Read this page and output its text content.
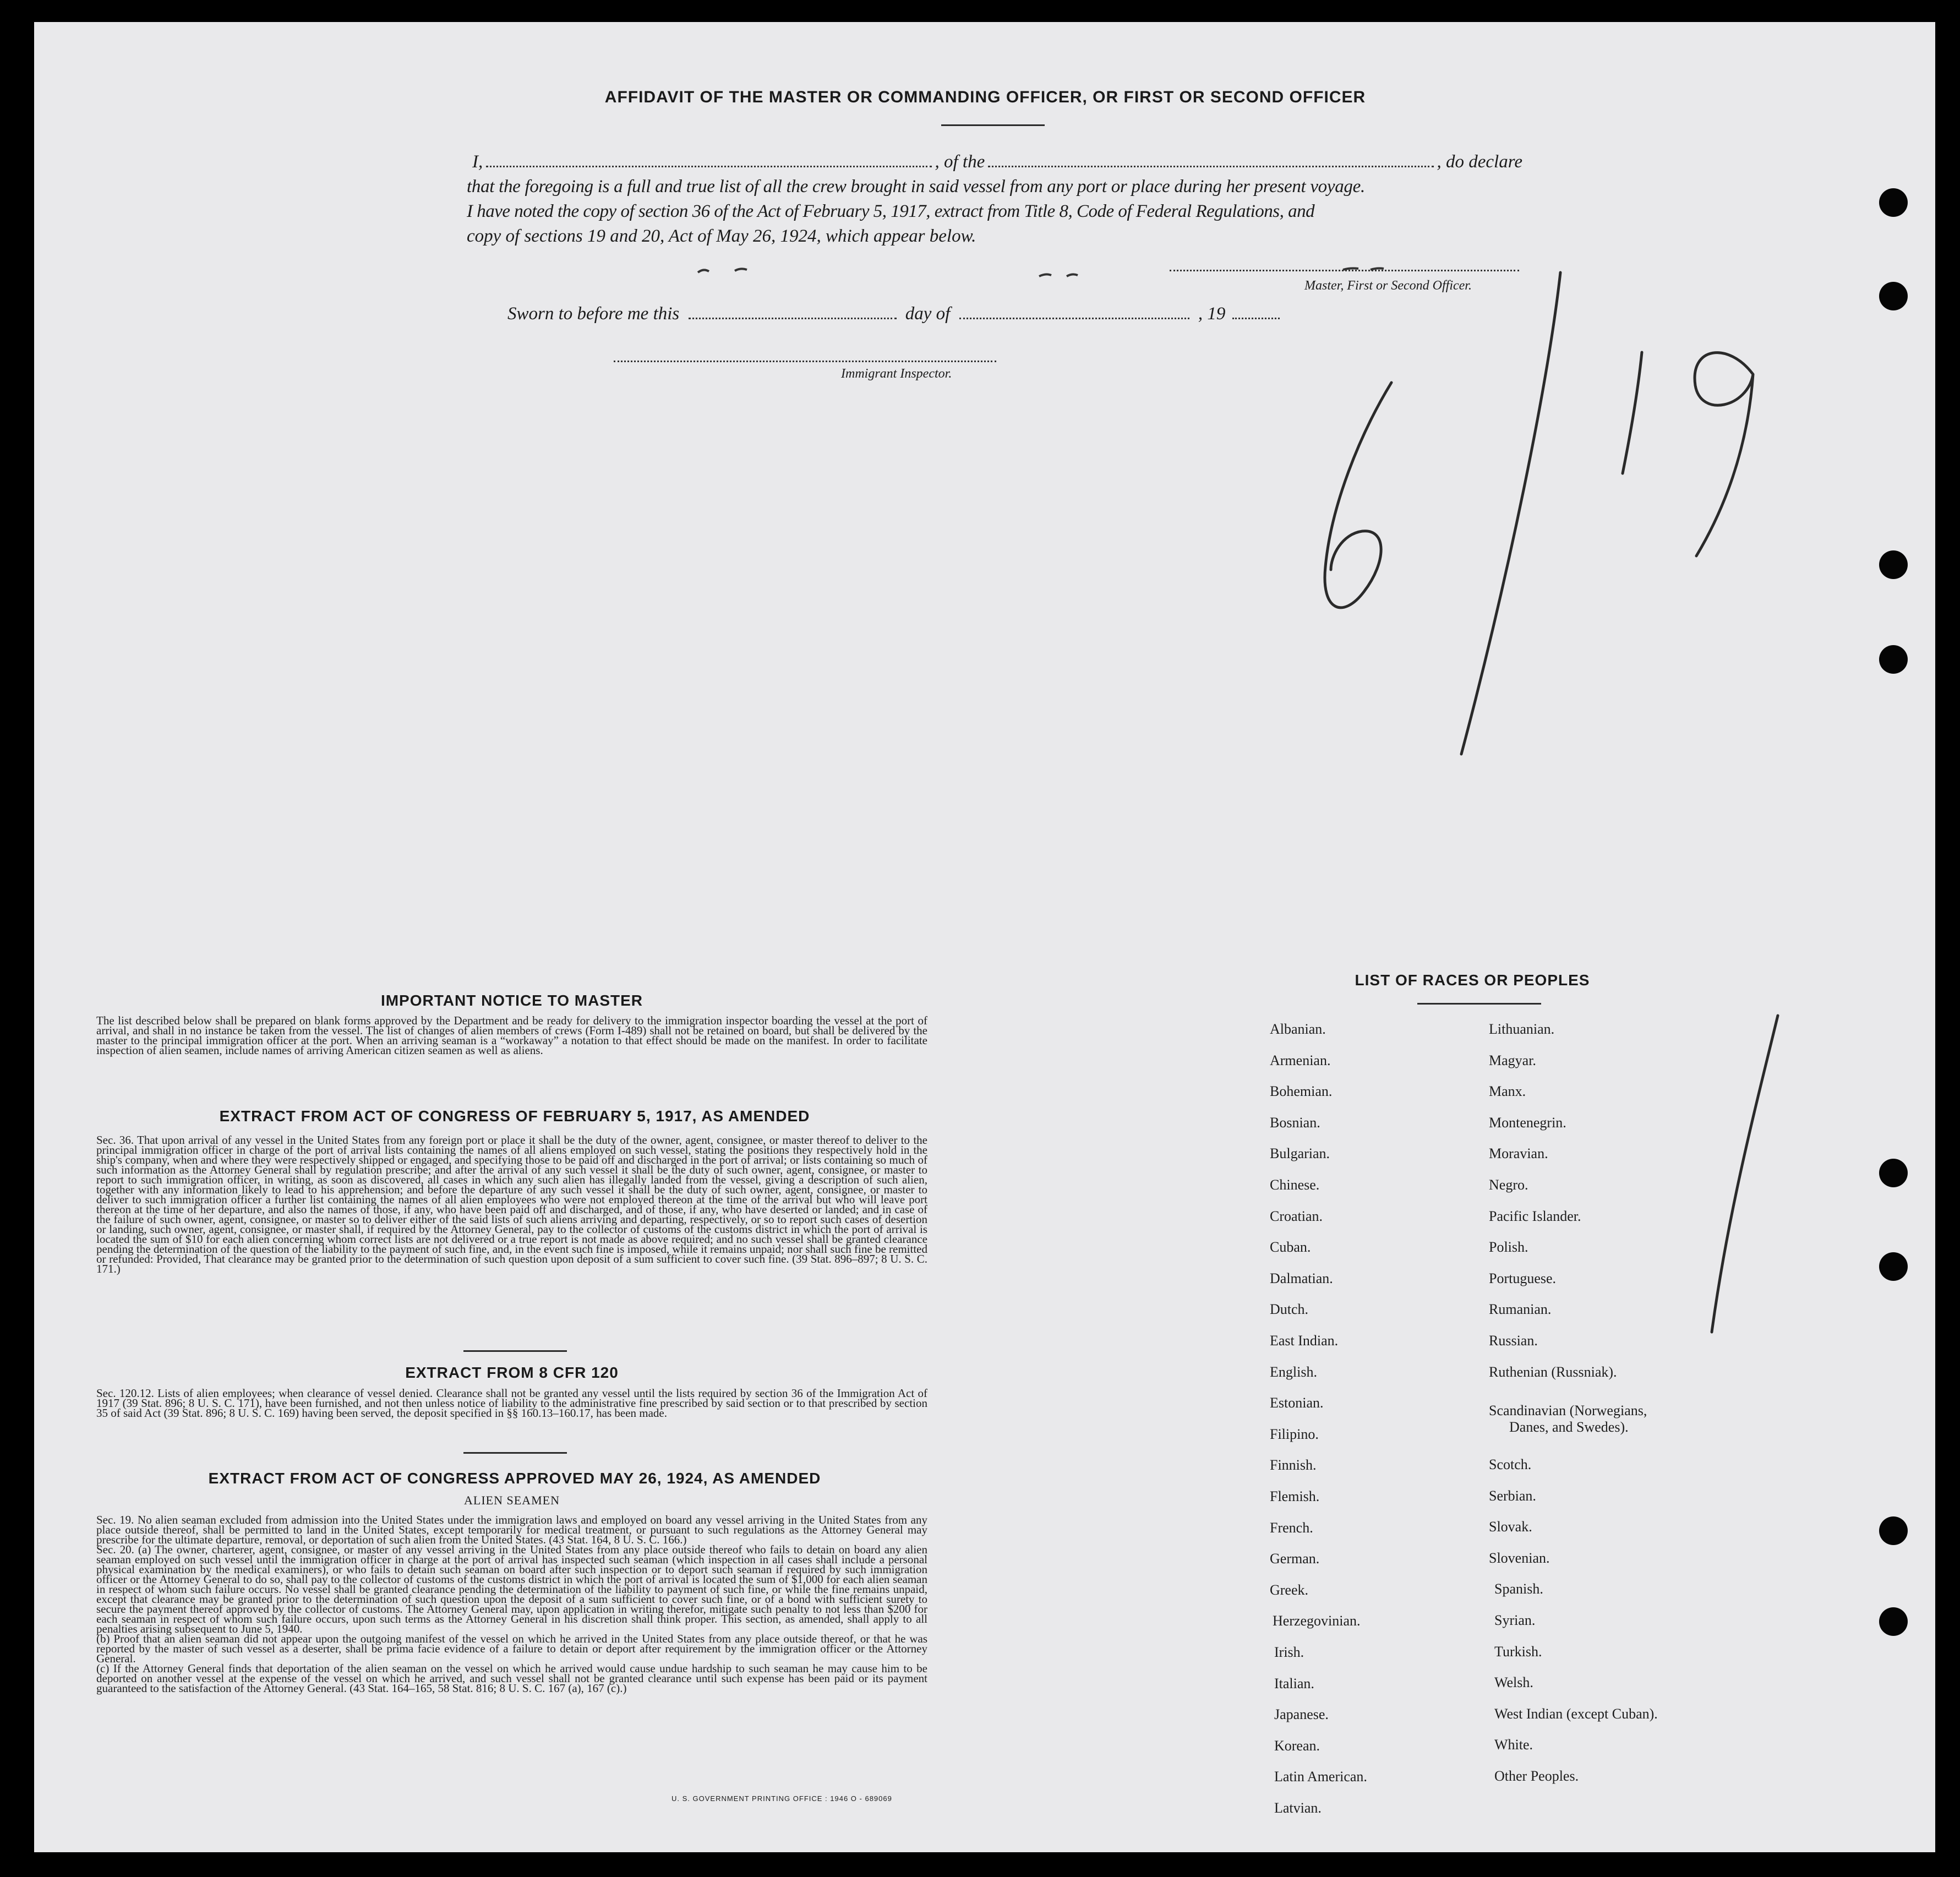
AFFIDAVIT OF THE MASTER OR COMMANDING OFFICER, OR FIRST OR SECOND OFFICER
I,	, of the	, do declare
that the foregoing is a full and true list of all the crew brought in said vessel from any port or place during her present voyage.
I have noted the copy of section 36 of the Act of February 5, 1917, extract from Title 8, Code of Federal Regulations, and
copy of sections 19 and 20, Act of May 26, 1924, which appear below.
Master, First or Second Officer.
Sworn to before me this	day of	, 19
Immigrant Inspector.
IMPORTANT NOTICE TO MASTER

The list described below shall be prepared on blank forms approved by the Department and be ready for delivery to the immigration inspector boarding the vessel at the port of arrival, and shall in no instance be taken from the vessel. The list of changes of alien members of crews (Form I-489) shall not be retained on board, but shall be delivered by the master to the principal immigration officer at the port. When an arriving seaman is a “workaway” a notation to that effect should be made on the manifest. In order to facilitate inspection of alien seamen, include names of arriving American citizen seamen as well as aliens.

EXTRACT FROM ACT OF CONGRESS OF FEBRUARY 5, 1917, AS AMENDED

Sec. 36. That upon arrival of any vessel in the United States from any foreign port or place it shall be the duty of the owner, agent, consignee, or master thereof to deliver to the principal immigration officer in charge of the port of arrival lists containing the names of all aliens employed on such vessel, stating the positions they respectively hold in the ship's company, when and where they were respectively shipped or engaged, and specifying those to be paid off and discharged in the port of arrival; or lists containing so much of such information as the Attorney General shall by regulation prescribe; and after the arrival of any such vessel it shall be the duty of such owner, agent, consignee, or master to report to such immigration officer, in writing, as soon as discovered, all cases in which any such alien has illegally landed from the vessel, giving a description of such alien, together with any information likely to lead to his apprehension; and before the departure of any such vessel it shall be the duty of such owner, agent, consignee, or master to deliver to such immigration officer a further list containing the names of all alien employees who were not employed thereon at the time of the arrival but who will leave port thereon at the time of her departure, and also the names of those, if any, who have been paid off and discharged, and of those, if any, who have deserted or landed; and in case of the failure of such owner, agent, consignee, or master so to deliver either of the said lists of such aliens arriving and departing, respectively, or so to report such cases of desertion or landing, such owner, agent, consignee, or master shall, if required by the Attorney General, pay to the collector of customs of the customs district in which the port of arrival is located the sum of $10 for each alien concerning whom correct lists are not delivered or a true report is not made as above required; and no such vessel shall be granted clearance pending the determination of the question of the liability to the payment of such fine, and, in the event such fine is imposed, while it remains unpaid; nor shall such fine be remitted or refunded: Provided, That clearance may be granted prior to the determination of such question upon deposit of a sum sufficient to cover such fine. (39 Stat. 896–897; 8 U. S. C. 171.)

EXTRACT FROM 8 CFR 120

Sec. 120.12. Lists of alien employees; when clearance of vessel denied. Clearance shall not be granted any vessel until the lists required by section 36 of the Immigration Act of 1917 (39 Stat. 896; 8 U. S. C. 171), have been furnished, and not then unless notice of liability to the administrative fine prescribed by said section or to that prescribed by section 35 of said Act (39 Stat. 896; 8 U. S. C. 169) having been served, the deposit specified in §§ 160.13–160.17, has been made.

EXTRACT FROM ACT OF CONGRESS APPROVED MAY 26, 1924, AS AMENDED
ALIEN SEAMEN

Sec. 19. No alien seaman excluded from admission into the United States under the immigration laws and employed on board any vessel arriving in the United States from any place outside thereof, shall be permitted to land in the United States, except temporarily for medical treatment, or pursuant to such regulations as the Attorney General may prescribe for the ultimate departure, removal, or deportation of such alien from the United States. (43 Stat. 164, 8 U. S. C. 166.)

Sec. 20. (a) The owner, charterer, agent, consignee, or master of any vessel arriving in the United States from any place outside thereof who fails to detain on board any alien seaman employed on such vessel until the immigration officer in charge at the port of arrival has inspected such seaman (which inspection in all cases shall include a personal physical examination by the medical examiners), or who fails to detain such seaman on board after such inspection or to deport such seaman if required by such immigration officer or the Attorney General to do so, shall pay to the collector of customs of the customs district in which the port of arrival is located the sum of $1,000 for each alien seaman in respect of whom such failure occurs. No vessel shall be granted clearance pending the determination of the liability to payment of such fine, or while the fine remains unpaid, except that clearance may be granted prior to the determination of such question upon the deposit of a sum sufficient to cover such fine, or of a bond with sufficient surety to secure the payment thereof approved by the collector of customs. The Attorney General may, upon application in writing therefor, mitigate such penalty to not less than $200 for each seaman in respect of whom such failure occurs, upon such terms as the Attorney General in his discretion shall think proper. This section, as amended, shall apply to all penalties arising subsequent to June 5, 1940.

(b) Proof that an alien seaman did not appear upon the outgoing manifest of the vessel on which he arrived in the United States from any place outside thereof, or that he was reported by the master of such vessel as a deserter, shall be prima facie evidence of a failure to detain or deport after requirement by the immigration officer or the Attorney General.

(c) If the Attorney General finds that deportation of the alien seaman on the vessel on which he arrived would cause undue hardship to such seaman he may cause him to be deported on another vessel at the expense of the vessel on which he arrived, and such vessel shall not be granted clearance until such expense has been paid or its payment guaranteed to the satisfaction of the Attorney General. (43 Stat. 164–165, 58 Stat. 816; 8 U. S. C. 167 (a), 167 (c).)

U. S. GOVERNMENT PRINTING OFFICE : 1946 O - 689069
LIST OF RACES OR PEOPLES
Albanian.
Armenian.
Bohemian.
Bosnian.
Bulgarian.
Chinese.
Croatian.
Cuban.
Dalmatian.
Dutch.
East Indian.
English.
Estonian.
Filipino.
Finnish.
Flemish.
French.
German.
Greek.
Herzegovinian.
Irish.
Italian.
Japanese.
Korean.
Latin American.
Latvian.
Lithuanian.
Magyar.
Manx.
Montenegrin.
Moravian.
Negro.
Pacific Islander.
Polish.
Portuguese.
Rumanian.
Russian.
Ruthenian (Russniak).
Scandinavian (Norwegians,
Danes, and Swedes).
Scotch.
Serbian.
Slovak.
Slovenian.
Spanish.
Syrian.
Turkish.
Welsh.
West Indian (except Cuban).
White.
Other Peoples.
